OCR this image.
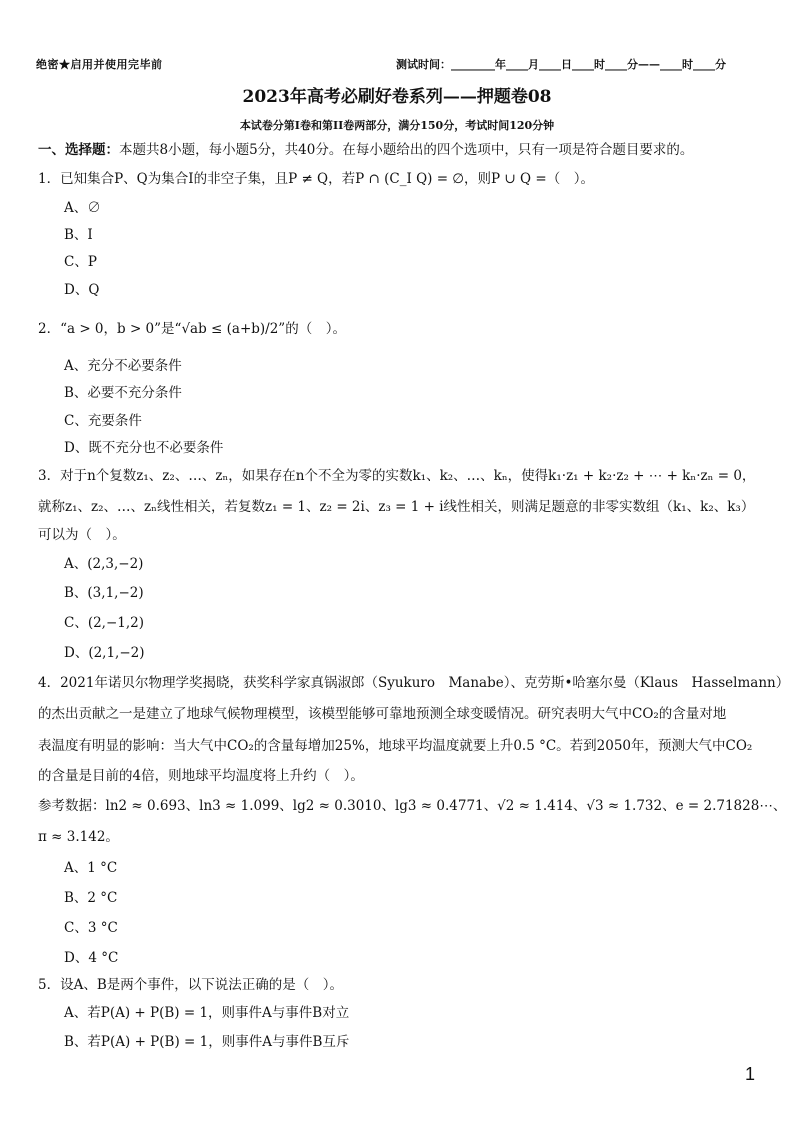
绝密★启用并使用完毕前	测试时间：________年____月____日____时____分——____时____分
2023年高考必刷好卷系列——押题卷08
本试卷分第I卷和第II卷两部分，满分150分，考试时间120分钟
一、选择题：本题共8小题，每小题5分，共40分。在每小题给出的四个选项中，只有一项是符合题目要求的。
1．已知集合P、Q为集合I的非空子集，且P ≠ Q，若P ∩ (C_I Q) = ∅，则P ∪ Q =（　）。
A、∅
B、I
C、P
D、Q
2．“a > 0，b > 0”是“√ab ≤ (a+b)/2”的（　）。
A、充分不必要条件
B、必要不充分条件
C、充要条件
D、既不充分也不必要条件
3．对于n个复数z₁、z₂、…、zₙ，如果存在n个不全为零的实数k₁、k₂、…、kₙ，使得k₁·z₁ + k₂·z₂ + ⋯ + kₙ·zₙ = 0，
就称z₁、z₂、…、zₙ线性相关，若复数z₁ = 1、z₂ = 2i、z₃ = 1 + i线性相关，则满足题意的非零实数组（k₁、k₂、k₃）
可以为（　）。
A、(2,3,−2)
B、(3,1,−2)
C、(2,−1,2)
D、(2,1,−2)
4．2021年诺贝尔物理学奖揭晓，获奖科学家真锅淑郎（Syukuro　Manabe）、克劳斯•哈塞尔曼（Klaus　Hasselmann）
的杰出贡献之一是建立了地球气候物理模型，该模型能够可靠地预测全球变暖情况。研究表明大气中CO₂的含量对地
表温度有明显的影响：当大气中CO₂的含量每增加25%，地球平均温度就要上升0.5 °C。若到2050年，预测大气中CO₂
的含量是目前的4倍，则地球平均温度将上升约（　）。
参考数据：ln2 ≈ 0.693、ln3 ≈ 1.099、lg2 ≈ 0.3010、lg3 ≈ 0.4771、√2 ≈ 1.414、√3 ≈ 1.732、e = 2.71828⋯、
π ≈ 3.142。
A、1 °C
B、2 °C
C、3 °C
D、4 °C
5．设A、B是两个事件，以下说法正确的是（　）。
A、若P(A) + P(B) = 1，则事件A与事件B对立
B、若P(A) + P(B) = 1，则事件A与事件B互斥
1
